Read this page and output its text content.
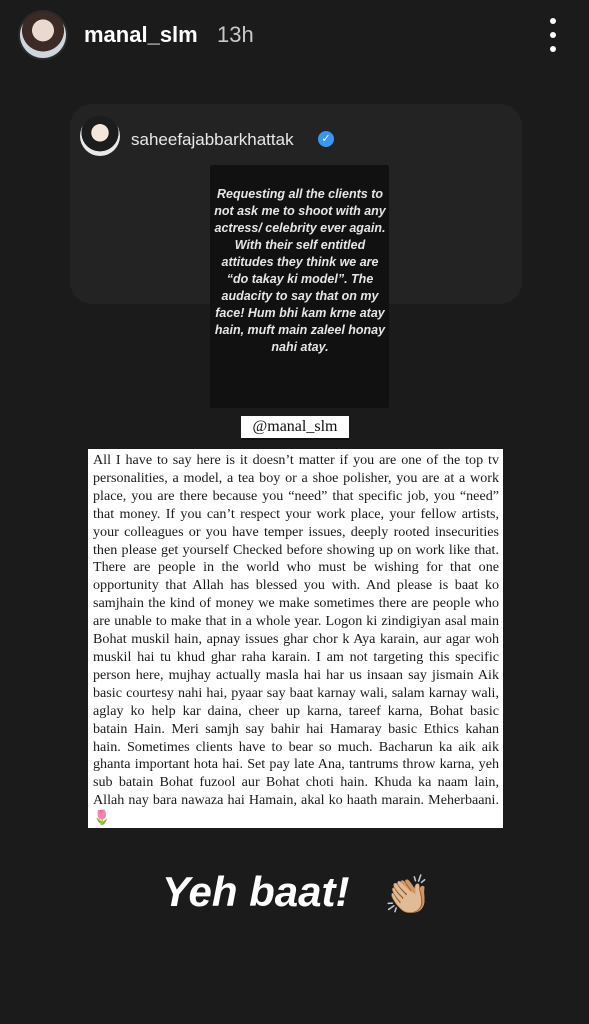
manal_slm 13h
saheefajabbarkhattak	✓
Requesting all the clients to not ask me to shoot with any actress/ celebrity ever again. With their self entitled attitudes they think we are “do takay ki model”. The audacity to say that on my face! Hum bhi kam krne atay hain, muft main zaleel honay nahi atay.
@manal_slm
All I have to say here is it doesn’t matter if you are one of the top tv personalities, a model, a tea boy or a shoe polisher, you are at a work place, you are there because you “need” that specific job, you “need” that money. If you can’t respect your work place, your fellow artists, your colleagues or you have temper issues, deeply rooted insecurities then please get yourself Checked before showing up on work like that. There are people in the world who must be wishing for that one opportunity that Allah has blessed you with. And please is baat ko samjhain the kind of money we make sometimes there are people who are unable to make that in a whole year. Logon ki zindigiyan asal main Bohat muskil hain, apnay issues ghar chor k Aya karain, aur agar woh muskil hai tu khud ghar raha karain. I am not targeting this specific person here, mujhay actually masla hai har us insaan say jismain Aik basic courtesy nahi hai, pyaar say baat karnay wali, salam karnay wali, aglay ko help kar daina, cheer up karna, tareef karna, Bohat basic batain Hain. Meri samjh say bahir hai Hamaray basic Ethics kahan hain. Sometimes clients have to bear so much. Bacharun ka aik aik ghanta important hota hai. Set pay late Ana, tantrums throw karna, yeh sub batain Bohat fuzool aur Bohat choti hain. Khuda ka naam lain, Allah nay bara nawaza hai Hamain, akal ko haath marain. Meherbaani. 🌷
Yeh baat! 👏🏼
